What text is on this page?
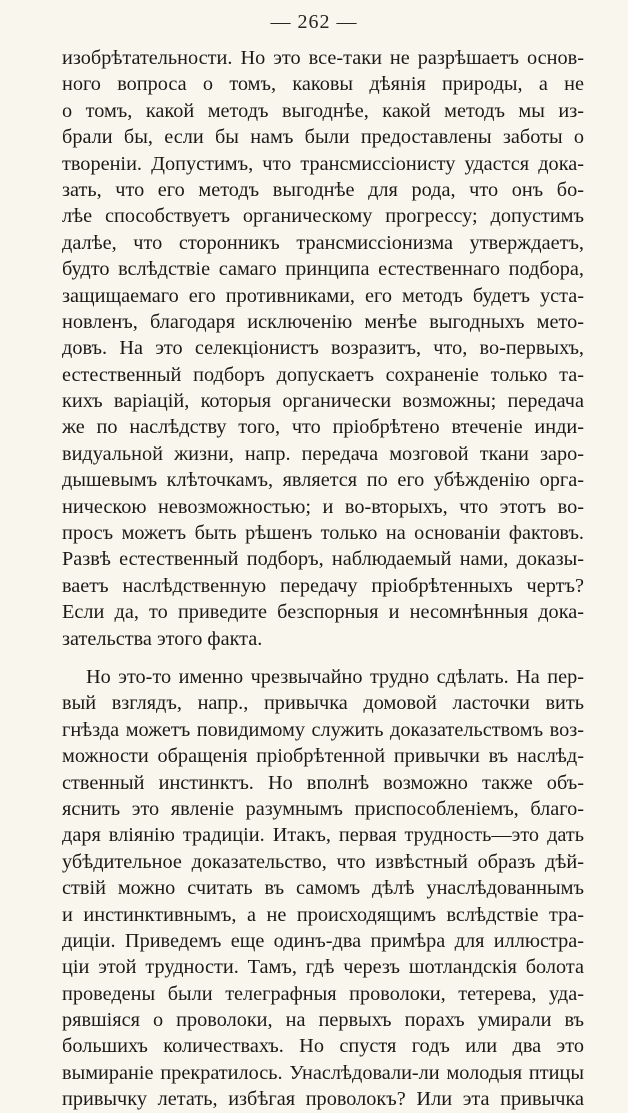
— 262 —
изобрѣтательности. Но это все-таки не разрѣшаетъ основ-
ного вопроса о томъ, каковы дѣянія природы, а не
о томъ, какой методъ выгоднѣе, какой методъ мы из-
брали бы, если бы намъ были предоставлены заботы о
твореніи. Допустимъ, что трансмиссіонисту удастся дока-
зать, что его методъ выгоднѣе для рода, что онъ бо-
лѣе способствуетъ органическому прогрессу; допустимъ
далѣе, что сторонникъ трансмиссіонизма утверждаетъ,
будто вслѣдствіе самаго принципа естественнаго подбора,
защищаемаго его противниками, его методъ будетъ уста-
новленъ, благодаря исключенію менѣе выгодныхъ мето-
довъ. На это селекціонистъ возразитъ, что, во-первыхъ,
естественный подборъ допускаетъ сохраненіе только та-
кихъ варіацій, которыя органически возможны; передача
же по наслѣдству того, что пріобрѣтено втеченіе инди-
видуальной жизни, напр. передача мозговой ткани заро-
дышевымъ клѣточкамъ, является по его убѣжденію орга-
ническою невозможностью; и во-вторыхъ, что этотъ во-
просъ можетъ быть рѣшенъ только на основаніи фактовъ.
Развѣ естественный подборъ, наблюдаемый нами, доказы-
ваетъ наслѣдственную передачу пріобрѣтенныхъ чертъ?
Если да, то приведите безспорныя и несомнѣнныя дока-
зательства этого факта.
Но это-то именно чрезвычайно трудно сдѣлать. На пер-
вый взглядъ, напр., привычка домовой ласточки вить
гнѣзда можетъ повидимому служить доказательствомъ воз-
можности обращенія пріобрѣтенной привычки въ наслѣд-
ственный инстинктъ. Но вполнѣ возможно также объ-
яснить это явленіе разумнымъ приспособленіемъ, благо-
даря вліянію традиціи. Итакъ, первая трудность—это дать
убѣдительное доказательство, что извѣстный образъ дѣй-
ствій можно считать въ самомъ дѣлѣ унаслѣдованнымъ
и инстинктивнымъ, а не происходящимъ вслѣдствіе тра-
диціи. Приведемъ еще одинъ-два примѣра для иллюстра-
ціи этой трудности. Тамъ, гдѣ черезъ шотландскія болота
проведены были телеграфныя проволоки, тетерева, уда-
рявшіяся о проволоки, на первыхъ порахъ умирали въ
большихъ количествахъ. Но спустя годъ или два это
вымираніе прекратилось. Унаслѣдовали-ли молодыя птицы
привычку летать, избѣгая проволокъ? Или эта привычка
